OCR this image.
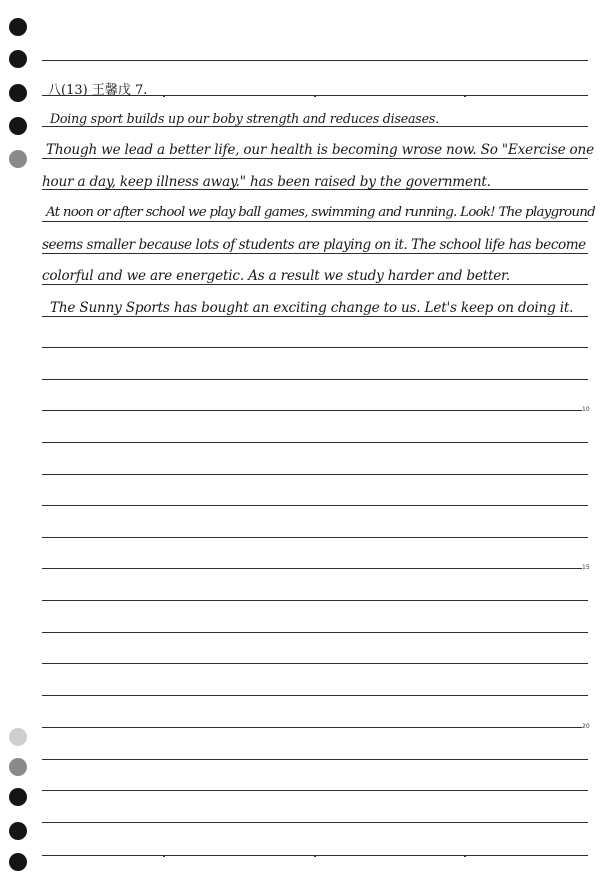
10
15
20
八(13) 王馨戊 7.
Doing sport builds up our boby strength and reduces diseases.
Though we lead a better life, our health is becoming wrose now. So "Exercise one
hour a day, keep illness away." has been raised by the government.
At noon or after school we play ball games, swimming and running. Look! The playground
seems smaller because lots of students are playing on it. The school life has become
colorful and we are energetic. As a result we study harder and better.
The Sunny Sports has bought an exciting change to us. Let's keep on doing it.
